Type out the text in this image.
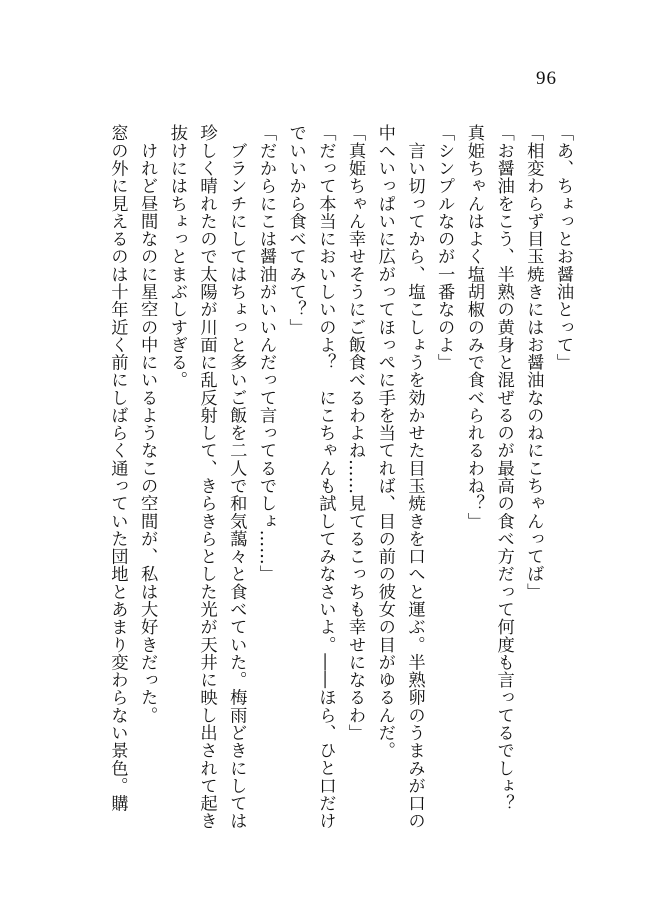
96

「あ、ちょっとお醤油とって」

「相変わらず目玉焼きにはお醤油なのねにこちゃんってば」

「お醤油をこう、半熟の黄身と混ぜるのが最高の食べ方だって何度も言ってるでしょ？

真姫ちゃんはよく塩胡椒のみで食べられるわね？」

「シンプルなのが一番なのよ」

　言い切ってから、塩こしょうを効かせた目玉焼きを口へと運ぶ。半熟卵のうまみが口の

中へいっぱいに広がってほっぺに手を当てれば、目の前の彼女の目がゆるんだ。

「真姫ちゃん幸せそうにご飯食べるわよね……見てるこっちも幸せになるわ」

「だって本当においしいのよ？　にこちゃんも試してみなさいよ。――ほら、ひと口だけ

でいいから食べてみて？」

「だからにこは醤油がいいんだって言ってるでしょ……」

　ブランチにしてはちょっと多いご飯を二人で和気藹々と食べていた。梅雨どきにしては

珍しく晴れたので太陽が川面に乱反射して、きらきらとした光が天井に映し出されて起き

抜けにはちょっとまぶしすぎる。

　けれど昼間なのに星空の中にいるようなこの空間が、私は大好きだった。

窓の外に見えるのは十年近く前にしばらく通っていた団地とあまり変わらない景色。購
